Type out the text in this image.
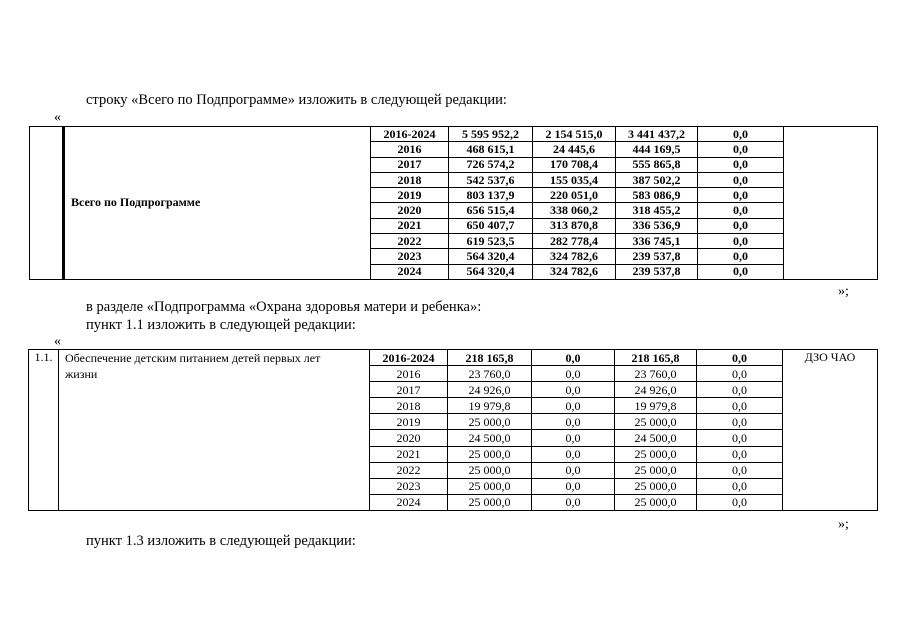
строку «Всего по Подпрограмме» изложить в следующей редакции:
«
	Всего по Подпрограмме	2016-2024	5 595 952,2	2 154 515,0	3 441 437,2	0,0	
		2016	468 615,1	24 445,6	444 169,5	0,0	
		2017	726 574,2	170 708,4	555 865,8	0,0	
		2018	542 537,6	155 035,4	387 502,2	0,0	
		2019	803 137,9	220 051,0	583 086,9	0,0	
		2020	656 515,4	338 060,2	318 455,2	0,0	
		2021	650 407,7	313 870,8	336 536,9	0,0	
		2022	619 523,5	282 778,4	336 745,1	0,0	
		2023	564 320,4	324 782,6	239 537,8	0,0	
		2024	564 320,4	324 782,6	239 537,8	0,0	
»;
в разделе «Подпрограмма «Охрана здоровья матери и ребенка»:
пункт 1.1 изложить в следующей редакции:
«
1.1.	Обеспечение детским питанием детей первых лет
жизни	2016-2024	218 165,8	0,0	218 165,8	0,0	ДЗО ЧАО
		2016	23 760,0	0,0	23 760,0	0,0	
		2017	24 926,0	0,0	24 926,0	0,0	
		2018	19 979,8	0,0	19 979,8	0,0	
		2019	25 000,0	0,0	25 000,0	0,0	
		2020	24 500,0	0,0	24 500,0	0,0	
		2021	25 000,0	0,0	25 000,0	0,0	
		2022	25 000,0	0,0	25 000,0	0,0	
		2023	25 000,0	0,0	25 000,0	0,0	
		2024	25 000,0	0,0	25 000,0	0,0	
»;
пункт 1.3 изложить в следующей редакции:
